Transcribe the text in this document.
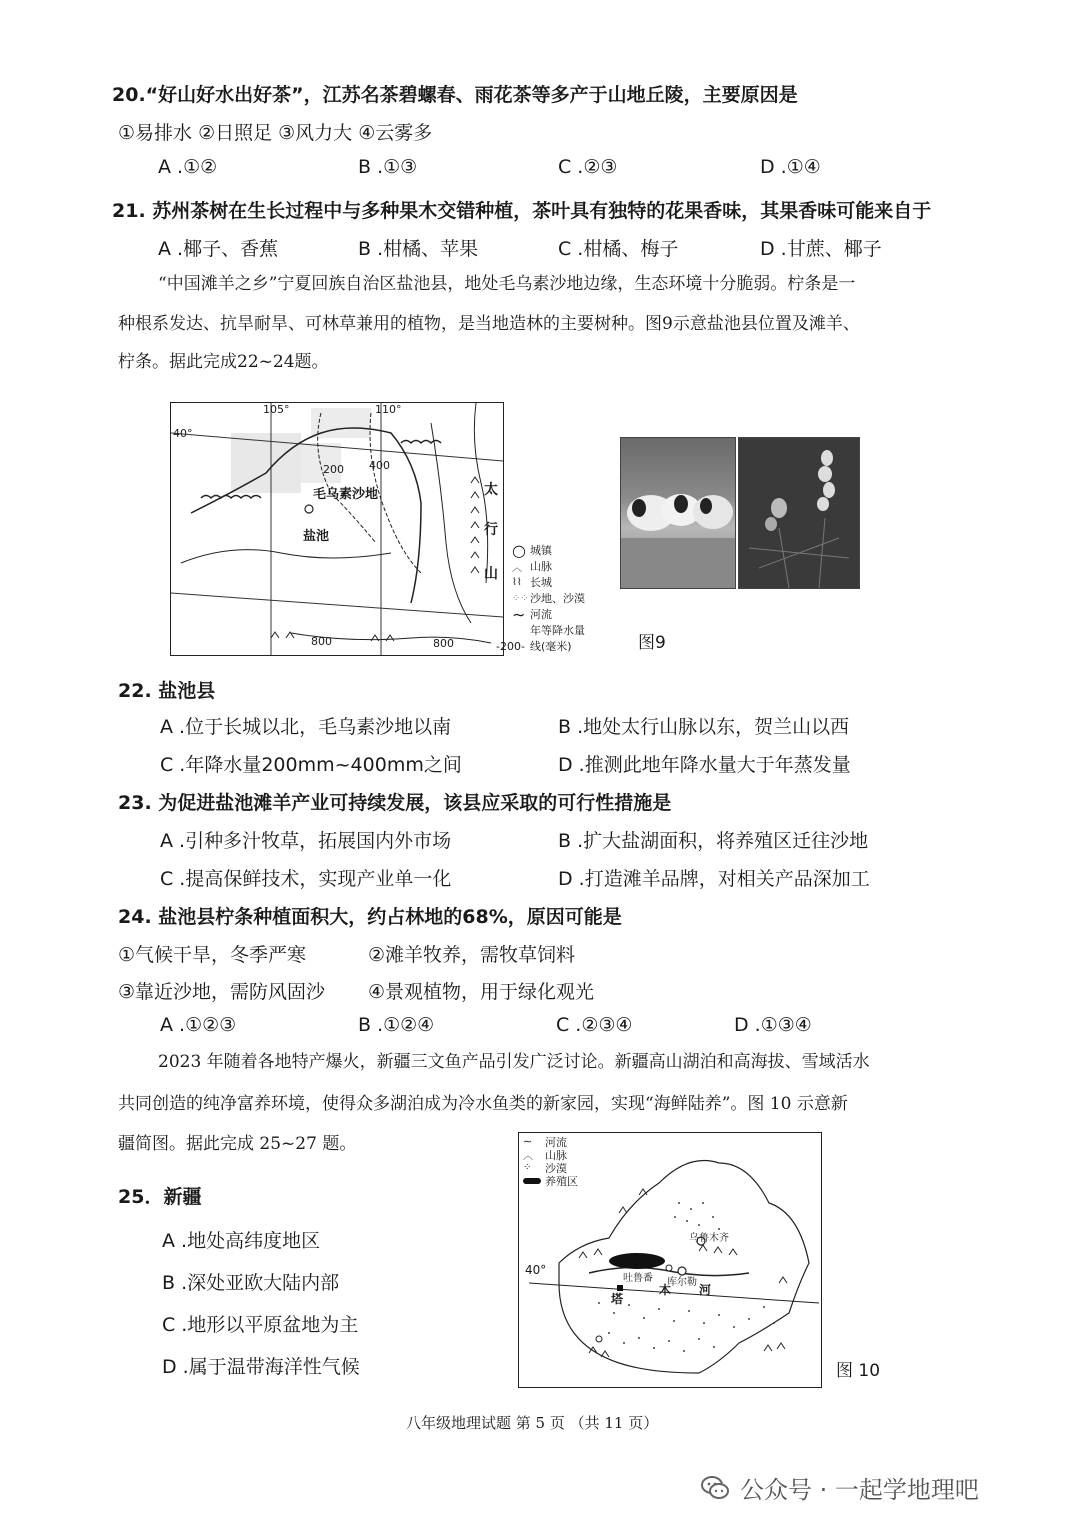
20.“好山好水出好茶”，江苏名茶碧螺春、雨花茶等多产于山地丘陵，主要原因是
①易排水 ②日照足 ③风力大 ④云雾多
A .①②	B .①③	C .②③	D .①④
21. 苏州茶树在生长过程中与多种果木交错种植，茶叶具有独特的花果香味，其果香味可能来自于
A .椰子、香蕉	B .柑橘、苹果	C .柑橘、梅子	D .甘蔗、椰子
“中国滩羊之乡”宁夏回族自治区盐池县，地处毛乌素沙地边缘，生态环境十分脆弱。柠条是一
种根系发达、抗旱耐旱、可林草兼用的植物，是当地造林的主要树种。图9示意盐池县位置及滩羊、
柠条。据此完成22~24题。
105°	110°
40°
200 400
800	800
毛乌素沙地
盐池
太
行
山
○ 城镇
︿ 山脉
⌇⌇ 长城
⁘⁘ 沙地、沙漠
∼ 河流
年等降水量
-200- 线(毫米)	图9
22. 盐池县
A .位于长城以北，毛乌素沙地以南	B .地处太行山脉以东，贺兰山以西
C .年降水量200mm~400mm之间	D .推测此地年降水量大于年蒸发量
23. 为促进盐池滩羊产业可持续发展，该县应采取的可行性措施是
A .引种多汁牧草，拓展国内外市场	B .扩大盐湖面积，将养殖区迁往沙地
C .提高保鲜技术，实现产业单一化	D .打造滩羊品牌，对相关产品深加工
24. 盐池县柠条种植面积大，约占林地的68%，原因可能是
①气候干旱，冬季严寒	②滩羊牧养，需牧草饲料
③靠近沙地，需防风固沙 ④景观植物，用于绿化观光
A .①②③	B .①②④	C .②③④	D .①③④
2023 年随着各地特产爆火，新疆三文鱼产品引发广泛讨论。新疆高山湖泊和高海拔、雪域活水
共同创造的纯净富养环境，使得众多湖泊成为冷水鱼类的新家园，实现“海鲜陆养”。图 10 示意新
疆简图。据此完成 25~27 题。
25．新疆
A .地处高纬度地区
B .深处亚欧大陆内部
C .地形以平原盆地为主
D .属于温带海洋性气候
∼	河流
︿	山脉
⁘	沙漠
养殖区
40°
乌鲁木齐
吐鲁番 库尔勒
塔
木 河
图 10
八年级地理试题 第 5 页 （共 11 页）
公众号 · 一起学地理吧
